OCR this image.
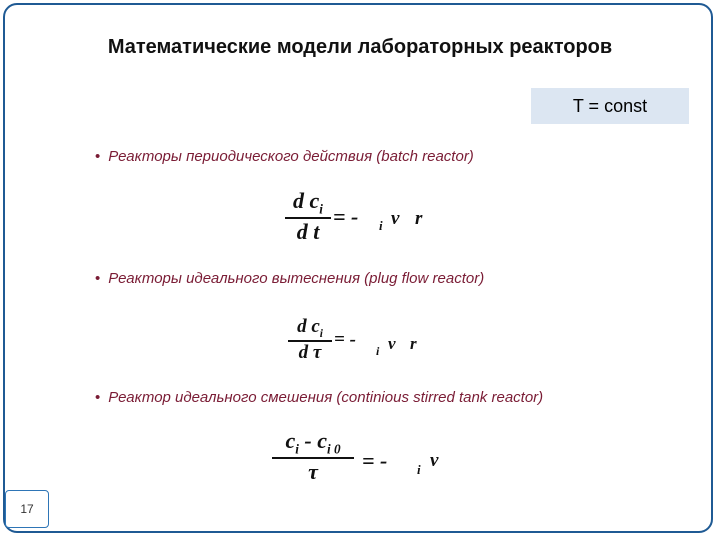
Математические модели лабораторных реакторов
T = const
• Реакторы периодического действия (batch reactor)
d $c_i$
d t
= - i v r
• Реакторы идеального вытеснения (plug flow reactor)
d $c_i$
d τ
= -
i v r
• Реактор идеального смешения (continious stirred tank reactor)
$c_i - c_{i 0}$
τ = - i v
17
